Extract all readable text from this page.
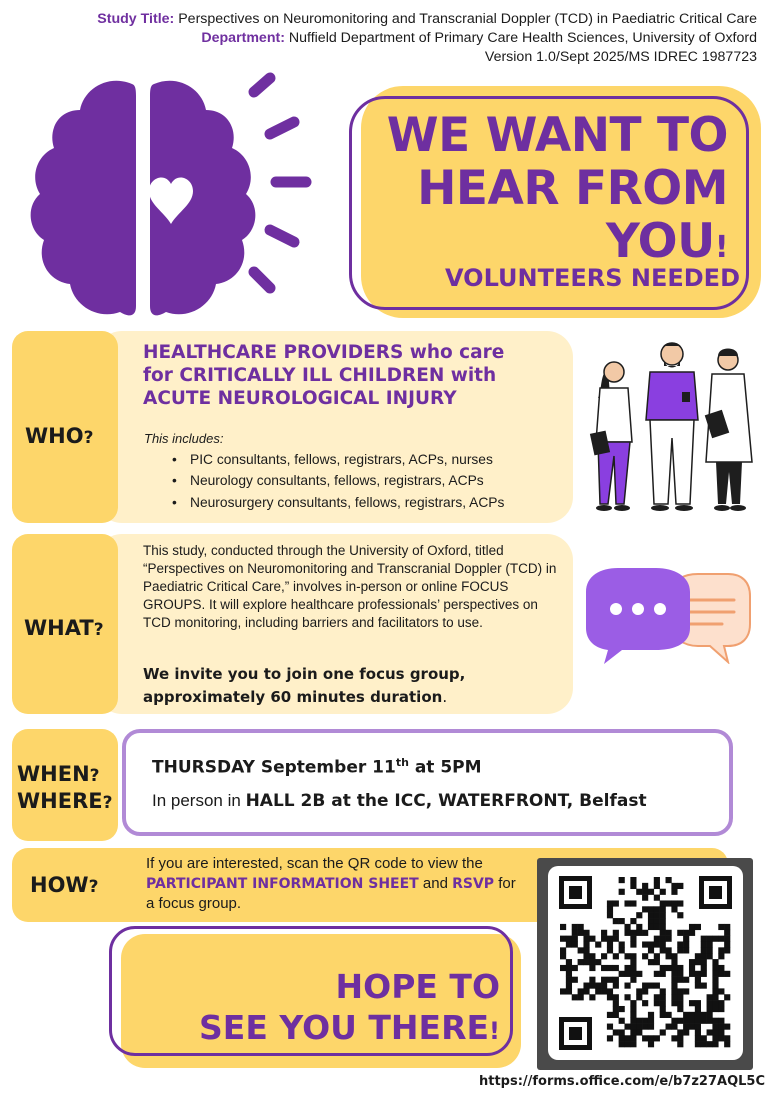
Study Title: Perspectives on Neuromonitoring and Transcranial Doppler (TCD) in Paediatric Critical Care
Department: Nuffield Department of Primary Care Health Sciences, University of Oxford
Version 1.0/Sept 2025/MS IDREC 1987723
WE WANT TO
HEAR FROM
YOU!
VOLUNTEERS NEEDED
WHO?
HEALTHCARE PROVIDERS who care
for CRITICALLY ILL CHILDREN with
ACUTE NEUROLOGICAL INJURY
This includes:
• PIC consultants, fellows, registrars, ACPs, nurses
• Neurology consultants, fellows, registrars, ACPs
• Neurosurgery consultants, fellows, registrars, ACPs
WHAT?
This study, conducted through the University of Oxford, titled “Perspectives on Neuromonitoring and Transcranial Doppler (TCD) in Paediatric Critical Care,” involves in-person or online FOCUS GROUPS. It will explore healthcare professionals’ perspectives on TCD monitoring, including barriers and facilitators to use.
We invite you to join one focus group,
approximately 60 minutes duration.
WHEN?
WHERE?
THURSDAY September 11th at 5PM
In person in HALL 2B at the ICC, WATERFRONT, Belfast
HOW?
If you are interested, scan the QR code to view the PARTICIPANT INFORMATION SHEET and RSVP for a focus group.
HOPE TO
SEE YOU THERE!
https://forms.office.com/e/b7z27AQL5C
